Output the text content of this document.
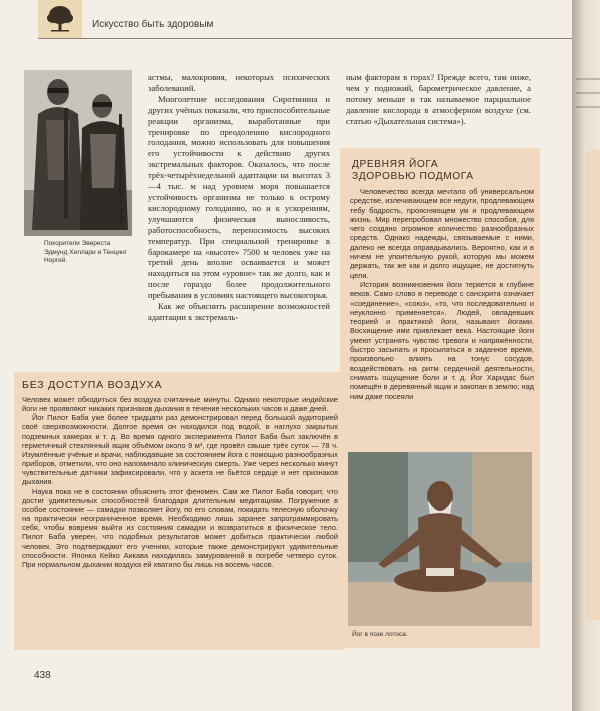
Искусство быть здоровым
Покорители Эвереста Эдмунд Хиллари и Тенцинг Норгей.

астмы, малокровия, некоторых психических заболеваний.

Многолетние исследования Сиротинина и других учёных показали, что приспособительные реакции организма, выработанные при тренировке по преодолению кислородного голодания, можно использовать для повышения его устойчивости к действию других экстремальных факторов. Оказалось, что после трёх-четырёхнедельной адаптации на высотах 3—4 тыс. м над уровнем моря повышается устойчивость организма не только к острому кислородному голоданию, но и к ускорениям, улучшаются физическая выносливость, работоспособность, переносимость высоких температур. При специальной тренировке в барокамере на «высоте» 7500 м человек уже на третий день вполне осваивается и может находиться на этом «уровне» так же долго, как и после гораздо более продолжительного пребывания в условиях настоящего высокогорья.

Как же объяснить расширение возможностей адаптации к экстремаль-

ным факторам в горах? Прежде всего, там ниже, чем у подножий, барометрическое давление, а потому меньше и так называемое парциальное давление кислорода в атмосферном воздухе (см. статью «Дыхательная система»).

ДРЕВНЯЯ ЙОГА
ЗДОРОВЬЮ ПОДМОГА

Человечество всегда мечтало об универсальном средстве, излечивающем все недуги, продлевающем тебу бодрость, проясняющем ум и продлевающем жизнь. Мир перепробовал множество способов, для чего создано огромное количество разнообразных средств. Однако надежды, связываемые с ними, далеко не всегда оправдывались. Вероятно, как и в ничем не упоительную рукой, которую мы можем держать, так же как и долго ищущие, не достигнуть цели.

История возникновения йоги теряется в глубине веков. Само слово в переводе с санскрита означает «соединение», «союз», «то, что последовательно и неуклонно применяется». Людей, овладевших теорией и практикой йоги, называют йогами. Восхищение ими привлекает века. Настоящие йоги умеют устранять чувство тревоги и напряжённости, быстро засыпать и просыпаться в заданное время, произвольно влиять на тонус сосудов, воздействовать на ритм сердечной деятельности, снимать ощущение боли и т. д. Йог Харидас был помещён в деревянный ящик и закопан в землю; над ним даже посеяли

Йог в позе лотоса.
БЕЗ ДОСТУПА ВОЗДУХА

Человек может обходиться без воздуха считанные минуты. Однако некоторые индийские йоги не проявляют никаких признаков дыхания в течение нескольких часов и даже дней.

Йог Пилот Баба уже более тридцати раз демонстрировал перед большой аудиторией своё сверхвозможности. Долгое время он находился под водой, в наглухо закрытых подземных камерах и т. д. Во время одного эксперимента Пилот Баба был заключён в герметичный стеклянный ящик объёмом около 9 м³, где провёл свыше трёх суток — 78 ч. Изумлённые учёные и врачи, наблюдавшие за состоянием йога с помощью разнообразных приборов, отметили, что оно напоминало клиническую смерть. Уже через несколько минут чувствительные датчики зафиксировали, что у аскета не бьётся сердце и нет признаков дыхания.

Наука пока не в состоянии объяснить этот феномен. Сам же Пилот Баба говорит, что достиг удивительных способностей благодаря длительным медитациям. Погружение в особое состояние — самадхи позволяет йогу, по его словам, покидать телесную оболочку на практически неограниченное время. Необходимо лишь заранее запрограммировать себя, чтобы вовремя выйти из состояния самадхи и возвратиться в физическое тело. Пилот Баба уверен, что подобных результатов может добиться практически любой человек. Это подтверждают его ученики, которые также демонстрируют удивительные способности. Японка Кейко Аикава находилась замурованной в погребе четверо суток. При нормальном дыхании воздуха ей хватило бы лишь на восемь часов.

438
